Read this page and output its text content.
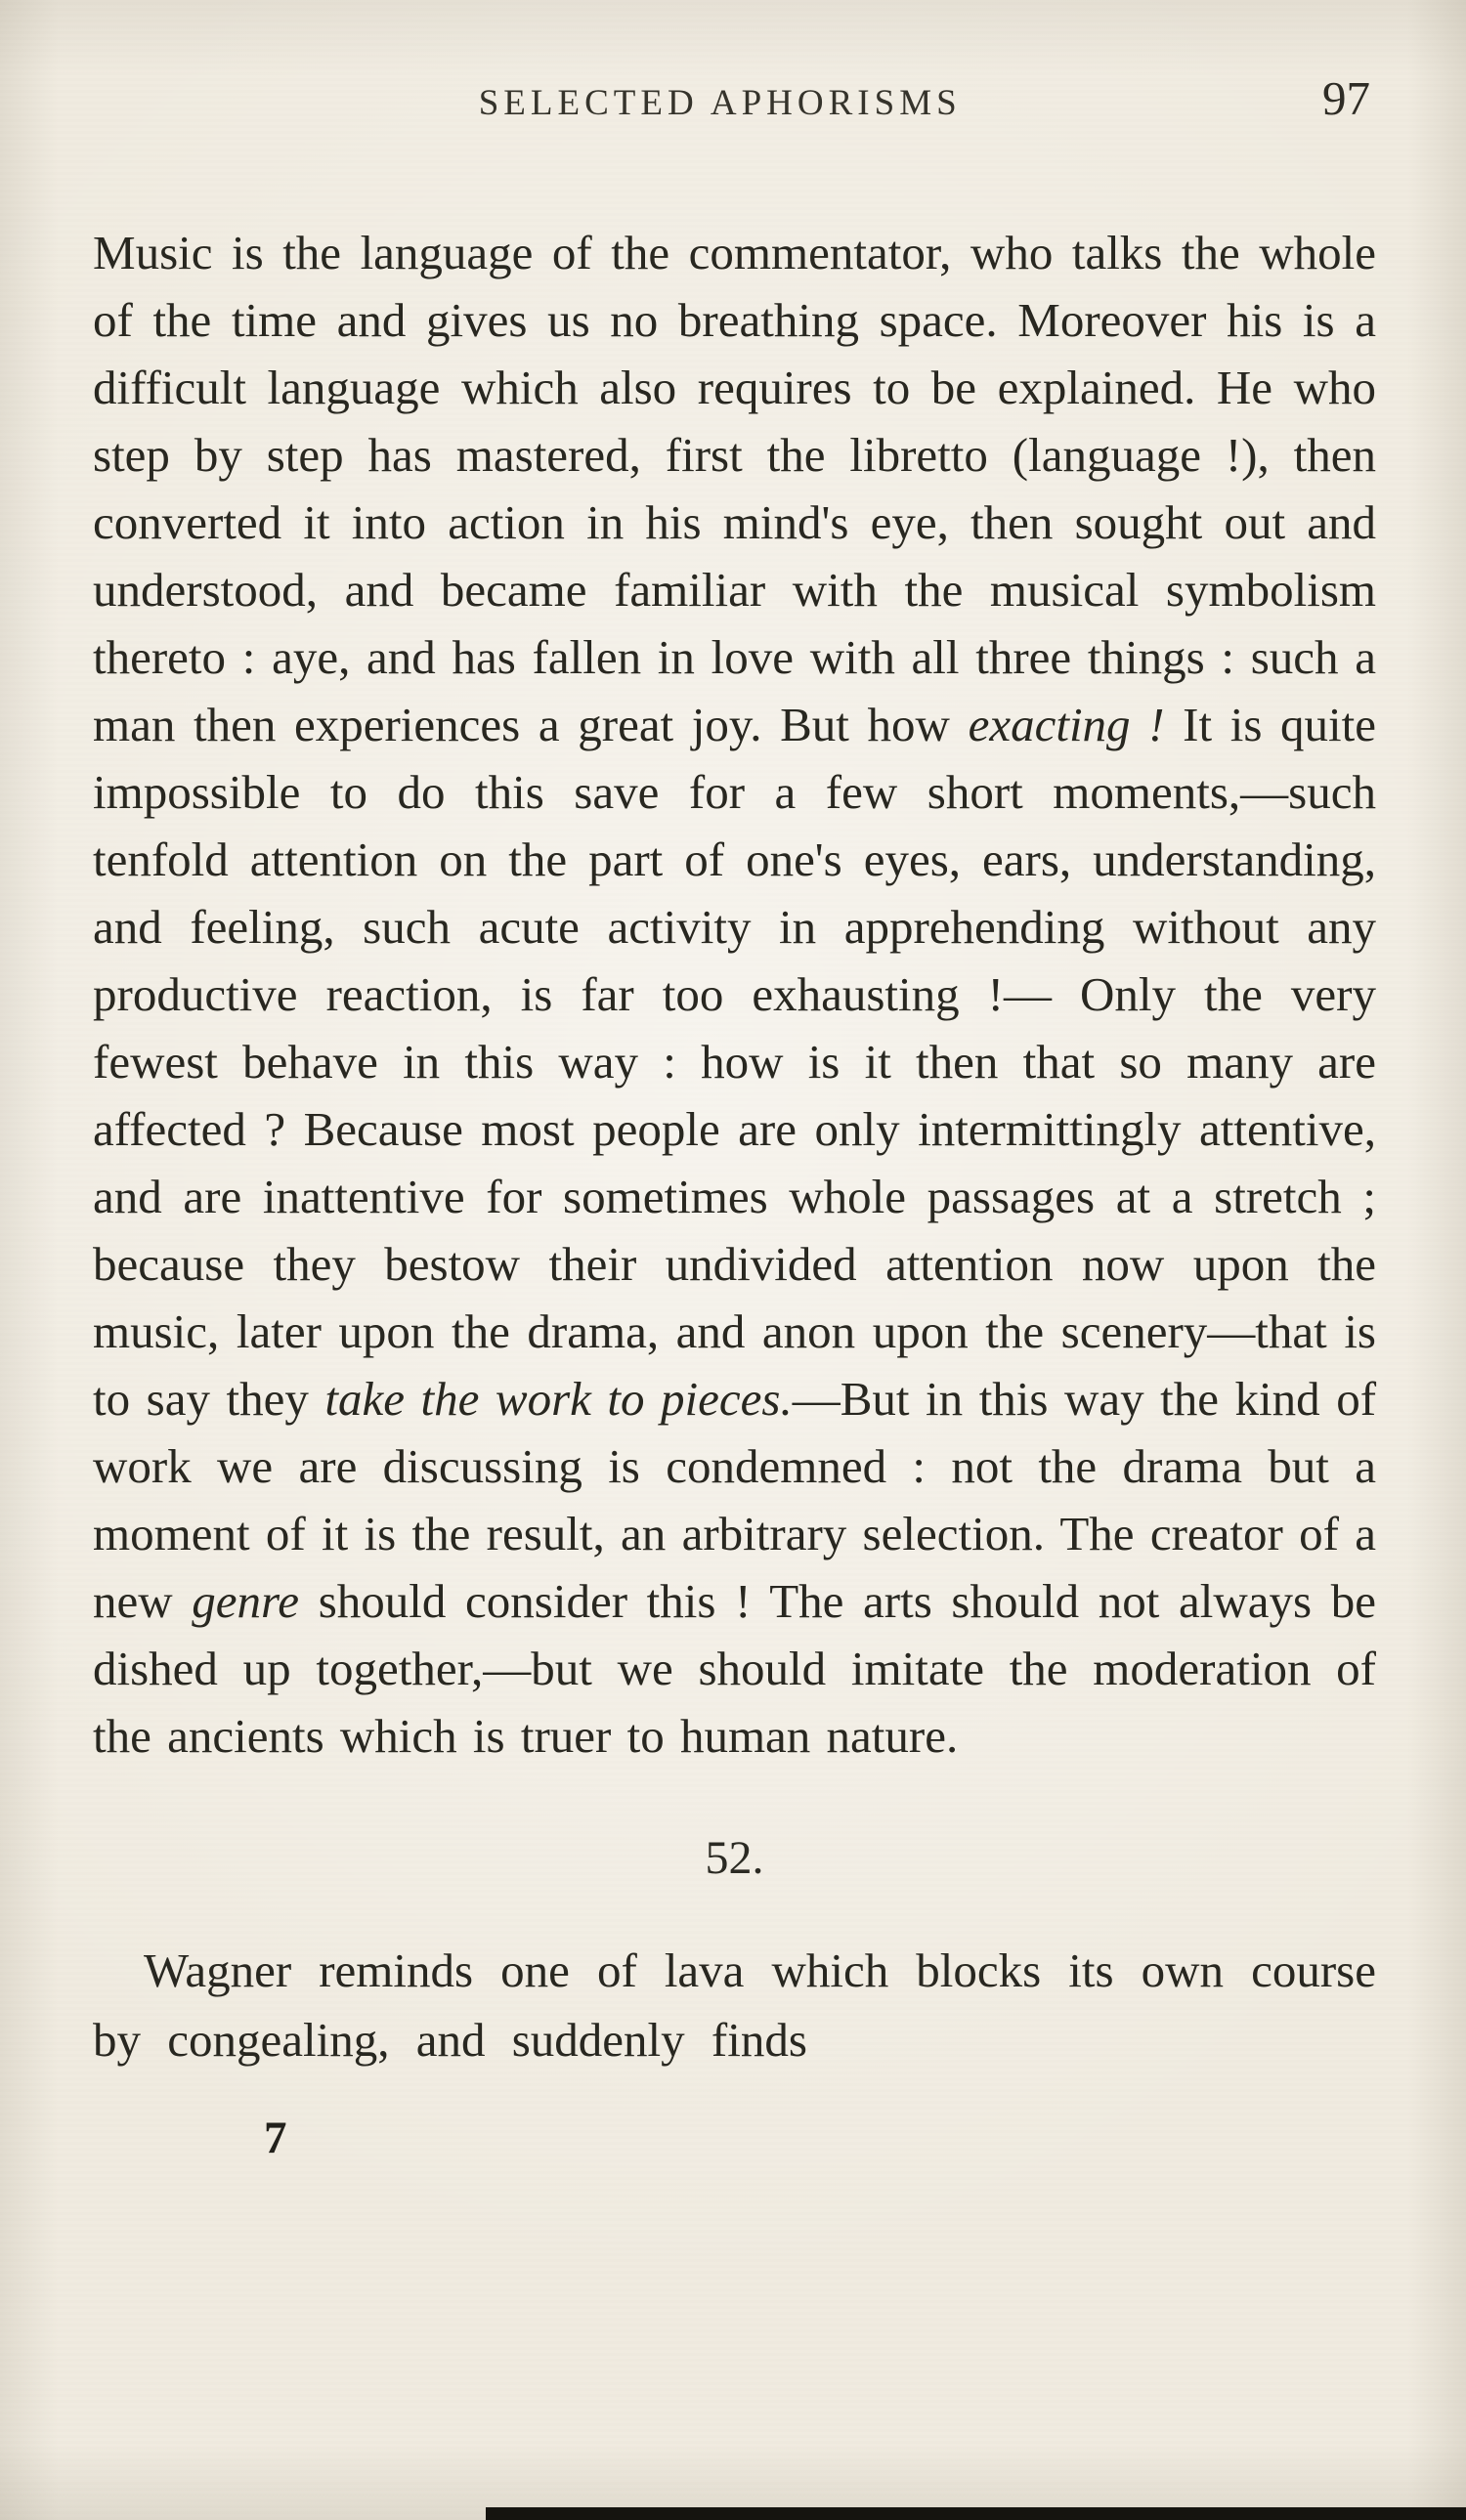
SELECTED APHORISMS	97
Music is the language of the commentator, who talks the whole of the time and gives us no breathing space. Moreover his is a difficult language which also requires to be explained. He who step by step has mastered, first the libretto (language !), then converted it into action in his mind's eye, then sought out and understood, and became familiar with the musical symbolism thereto : aye, and has fallen in love with all three things : such a man then experiences a great joy. But how exacting ! It is quite impossible to do this save for a few short moments,—such tenfold attention on the part of one's eyes, ears, understanding, and feeling, such acute activity in apprehending without any productive reaction, is far too exhausting !— Only the very fewest behave in this way : how is it then that so many are affected ? Because most people are only intermittingly attentive, and are inattentive for sometimes whole passages at a stretch ; because they bestow their undivided attention now upon the music, later upon the drama, and anon upon the scenery—that is to say they take the work to pieces.—But in this way the kind of work we are discussing is condemned : not the drama but a moment of it is the result, an arbitrary selection. The creator of a new genre should consider this ! The arts should not always be dished up together,—but we should imitate the moderation of the ancients which is truer to human nature.
52.
Wagner reminds one of lava which blocks its own course by congealing, and suddenly finds
7
